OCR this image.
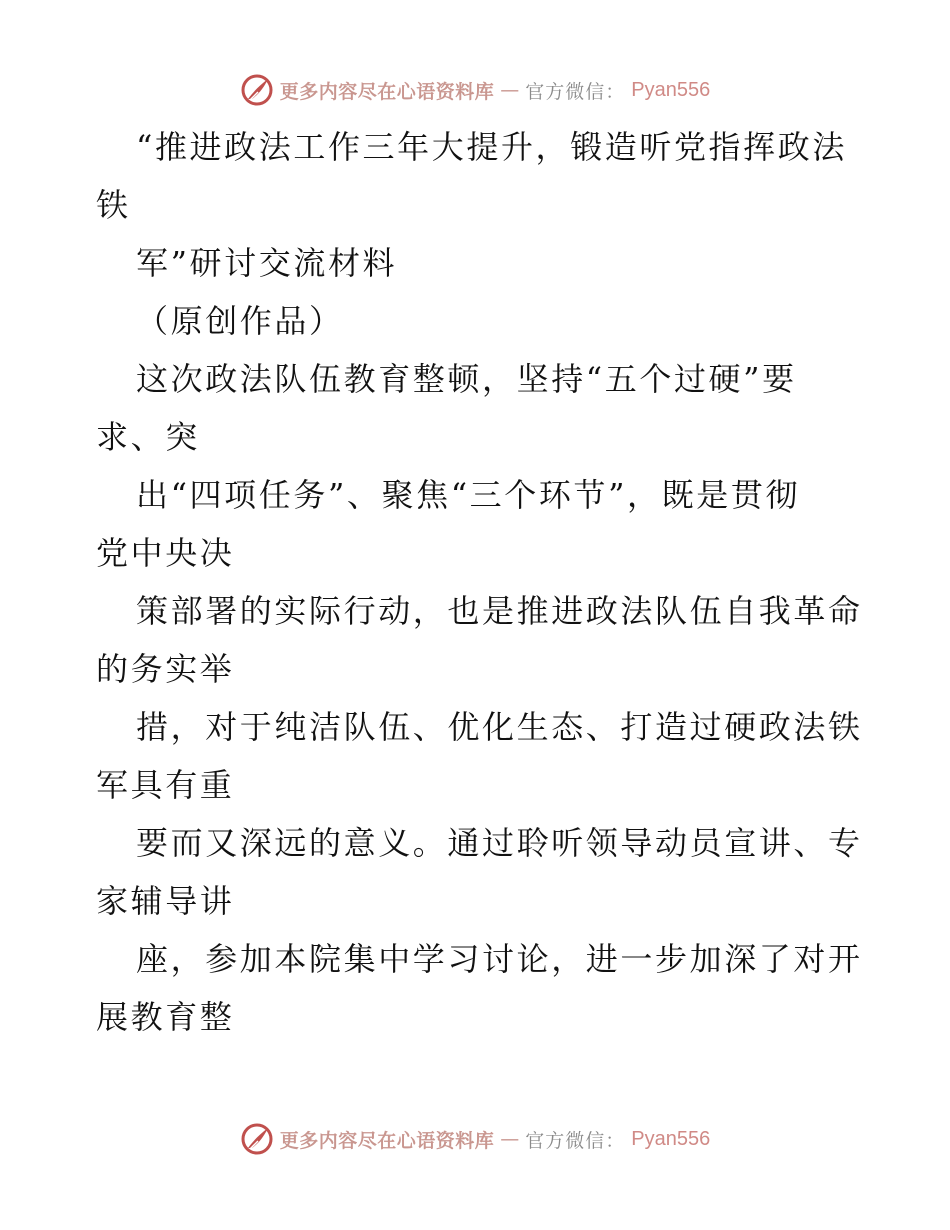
更多内容尽在心语资料库 — 官方微信： Pyan556
“推进政法工作三年大提升，锻造听党指挥政法
铁
军”研讨交流材料
（原创作品）
这次政法队伍教育整顿，坚持“五个过硬”要
求、突
出“四项任务”、聚焦“三个环节”，既是贯彻
党中央决
策部署的实际行动，也是推进政法队伍自我革命
的务实举
措，对于纯洁队伍、优化生态、打造过硬政法铁
军具有重
要而又深远的意义。通过聆听领导动员宣讲、专
家辅导讲
座，参加本院集中学习讨论，进一步加深了对开
展教育整
更多内容尽在心语资料库 — 官方微信： Pyan556
